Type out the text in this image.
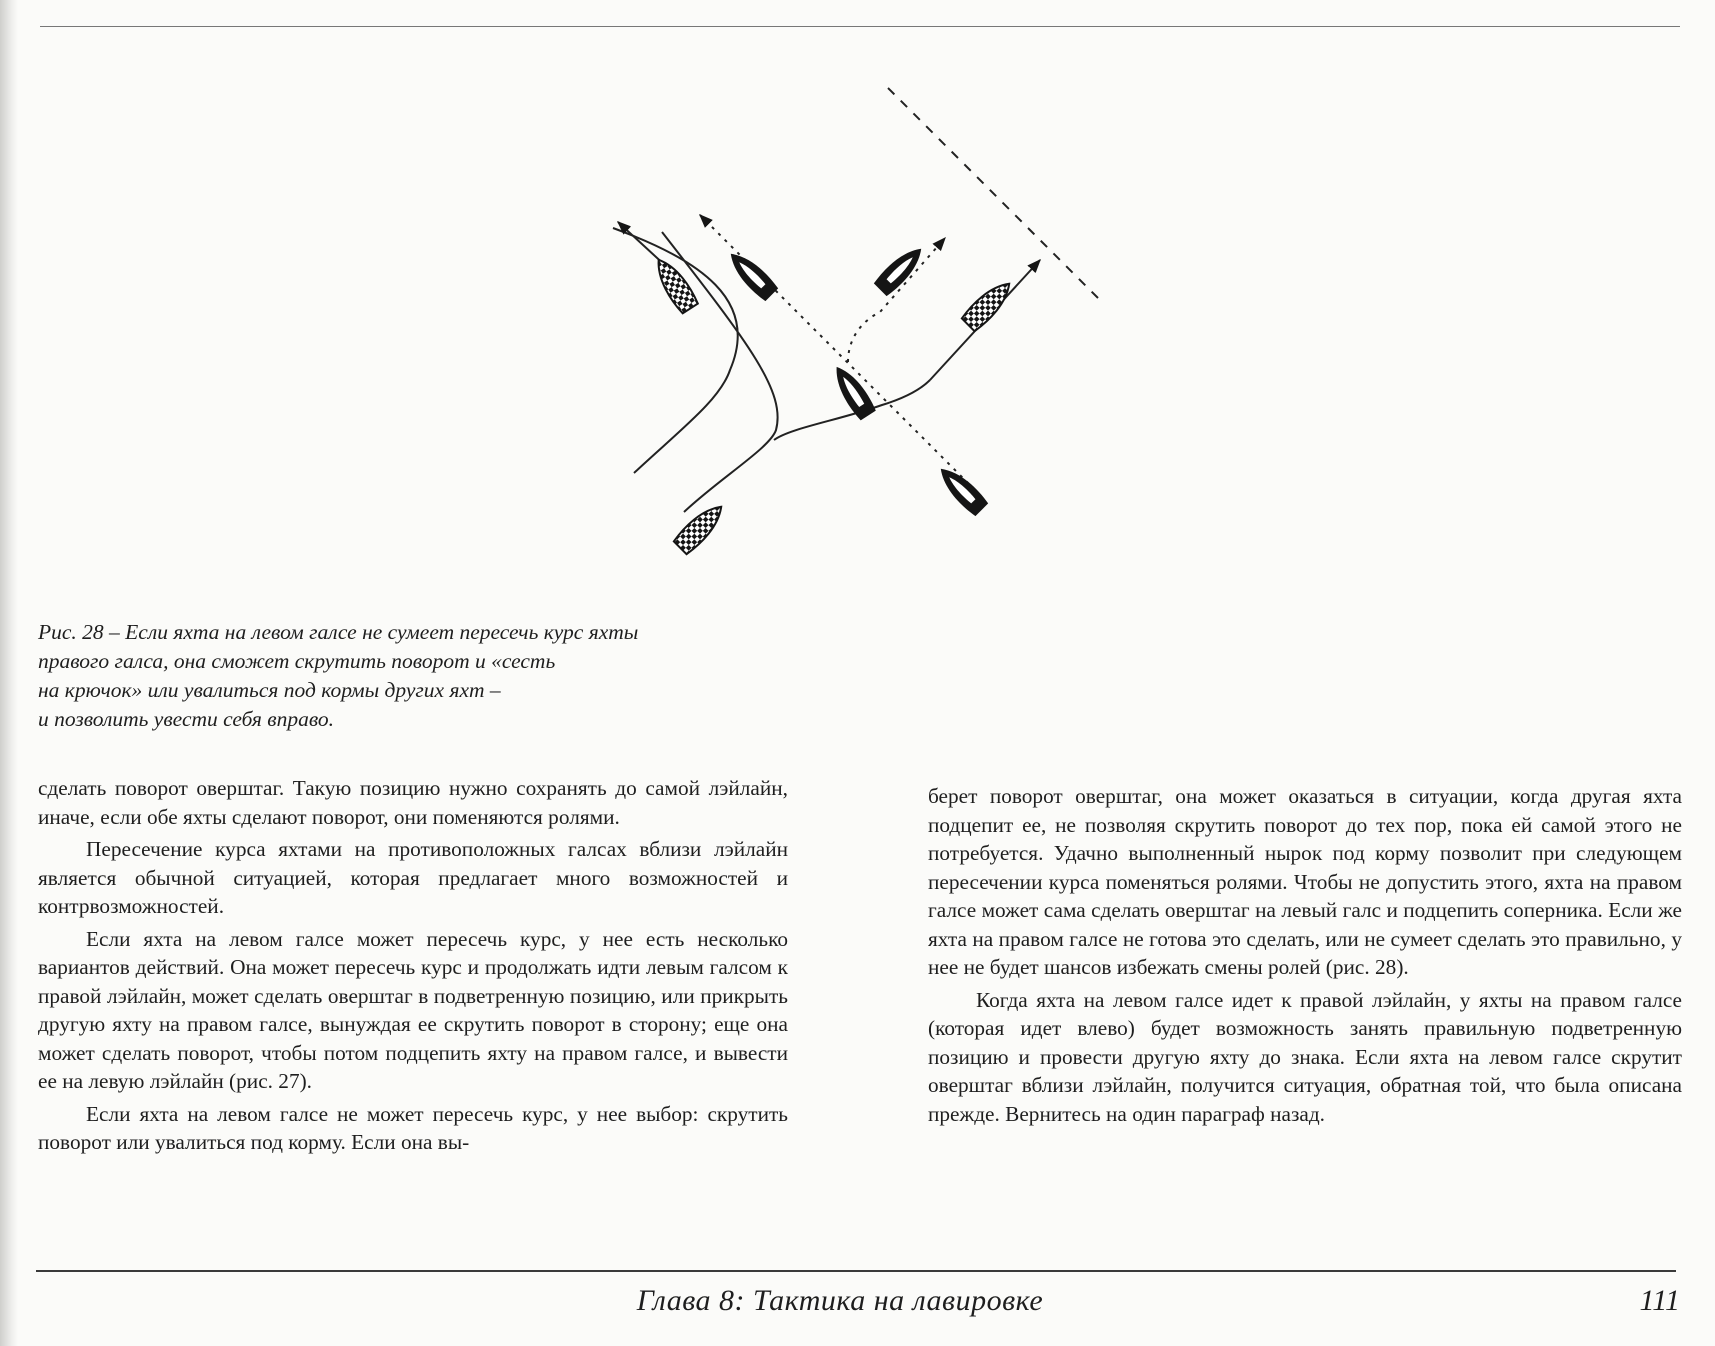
Рис. 28 – Если яхта на левом галсе не сумеет пересечь курс яхты
правого галса, она сможет скрутить поворот и «сесть
на крючок» или увалиться под кормы других яхт –
и позволить увести себя вправо.

сделать поворот оверштаг. Такую позицию нужно сохранять до самой лэйлайн, иначе, если обе яхты сделают поворот, они поменяются ролями.

Пересечение курса яхтами на противоположных галсах вблизи лэйлайн является обычной ситуацией, которая предлагает много возможностей и контрвозможностей.

Если яхта на левом галсе может пересечь курс, у нее есть несколько вариантов действий. Она может пересечь курс и продолжать идти левым галсом к правой лэйлайн, может сделать оверштаг в подветренную позицию, или прикрыть другую яхту на правом галсе, вынуждая ее скрутить поворот в сторону; еще она может сделать поворот, чтобы потом подцепить яхту на правом галсе, и вывести ее на левую лэйлайн (рис. 27).

Если яхта на левом галсе не может пересечь курс, у нее выбор: скрутить поворот или увалиться под корму. Если она вы-

берет поворот оверштаг, она может оказаться в ситуации, когда другая яхта подцепит ее, не позволяя скрутить поворот до тех пор, пока ей самой этого не потребуется. Удачно выполненный нырок под корму позволит при следующем пересечении курса поменяться ролями. Чтобы не допустить этого, яхта на правом галсе может сама сделать оверштаг на левый галс и подцепить соперника. Если же яхта на правом галсе не готова это сделать, или не сумеет сделать это правильно, у нее не будет шансов избежать смены ролей (рис. 28).

Когда яхта на левом галсе идет к правой лэйлайн, у яхты на правом галсе (которая идет влево) будет возможность занять правильную подветренную позицию и провести другую яхту до знака. Если яхта на левом галсе скрутит оверштаг вблизи лэйлайн, получится ситуация, обратная той, что была описана прежде. Вернитесь на один параграф назад.

Глава 8: Тактика на лавировке	111
